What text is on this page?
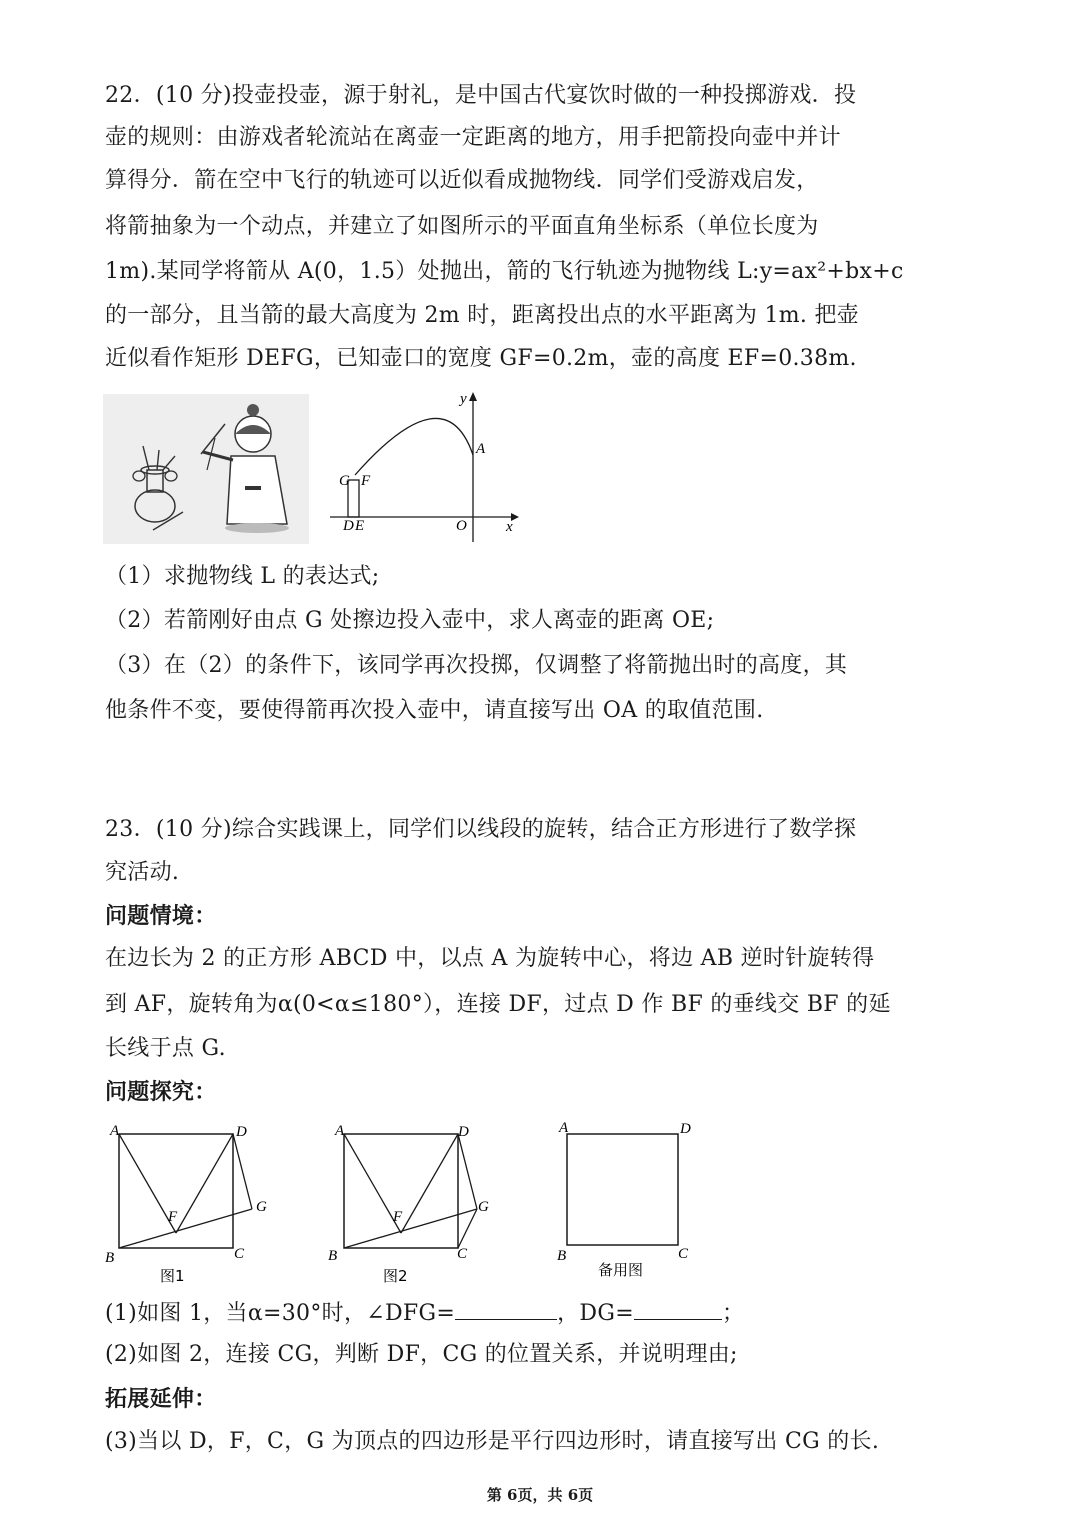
22．(10 分)投壶投壶，源于射礼，是中国古代宴饮时做的一种投掷游戏．投
壶的规则：由游戏者轮流站在离壶一定距离的地方，用手把箭投向壶中并计
算得分．箭在空中飞行的轨迹可以近似看成抛物线．同学们受游戏启发，
将箭抽象为一个动点，并建立了如图所示的平面直角坐标系（单位长度为
1m).某同学将箭从 A(0，1.5）处抛出，箭的飞行轨迹为抛物线 L:y=ax²+bx+c
的一部分，且当箭的最大高度为 2m 时，距离投出点的水平距离为 1m. 把壶
近似看作矩形 DEFG，已知壶口的宽度 GF=0.2m，壶的高度 EF=0.38m.
y
x
A
G F
D E	O
（1）求抛物线 L 的表达式;
（2）若箭刚好由点 G 处擦边投入壶中，求人离壶的距离 OE;
（3）在（2）的条件下，该同学再次投掷，仅调整了将箭抛出时的高度，其
他条件不变，要使得箭再次投入壶中，请直接写出 OA 的取值范围.
23．(10 分)综合实践课上，同学们以线段的旋转，结合正方形进行了数学探
究活动.
问题情境：
在边长为 2 的正方形 ABCD 中，以点 A 为旋转中心，将边 AB 逆时针旋转得
到 AF，旋转角为α(0<α≤180°），连接 DF，过点 D 作 BF 的垂线交 BF 的延
长线于点 G.
问题探究：
A	D
B	C
F
G
图1
A	D
B	C
F
G
图2
A	D
B	C
备用图
(1)如图 1，当α=30°时，∠DFG=	，DG=	；
(2)如图 2，连接 CG，判断 DF，CG 的位置关系，并说明理由;
拓展延伸：
(3)当以 D，F，C，G 为顶点的四边形是平行四边形时，请直接写出 CG 的长.
第 6页，共 6页
